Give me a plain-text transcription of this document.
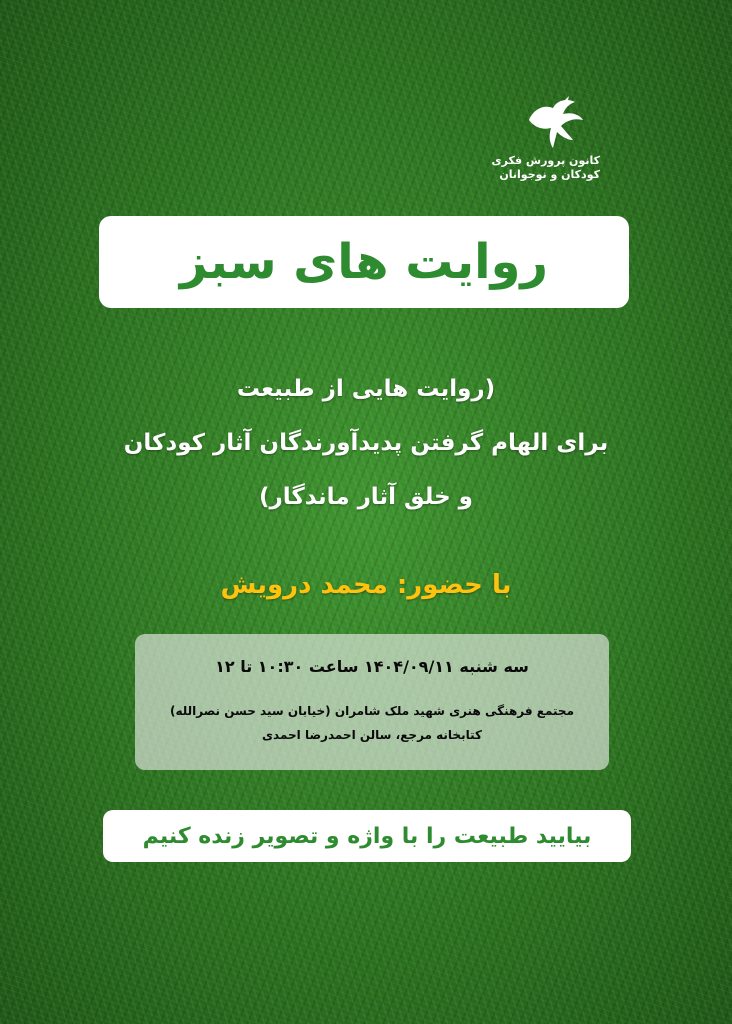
کانون پرورش فکری
کودکان و نوجوانان
روایت های سبز
(روایت هایی از طبیعت
برای الهام گرفتن پدیدآورندگان آثار کودکان
و خلق آثار ماندگار)
با حضور: محمد درویش
سه شنبه ۱۴۰۴/۰۹/۱۱ ساعت ۱۰:۳۰ تا ۱۲
مجتمع فرهنگی هنری شهید ملک شامران (خیابان سید حسن نصرالله)
کتابخانه مرجع، سالن احمدرضا احمدی
بیایید طبیعت را با واژه و تصویر زنده کنیم
